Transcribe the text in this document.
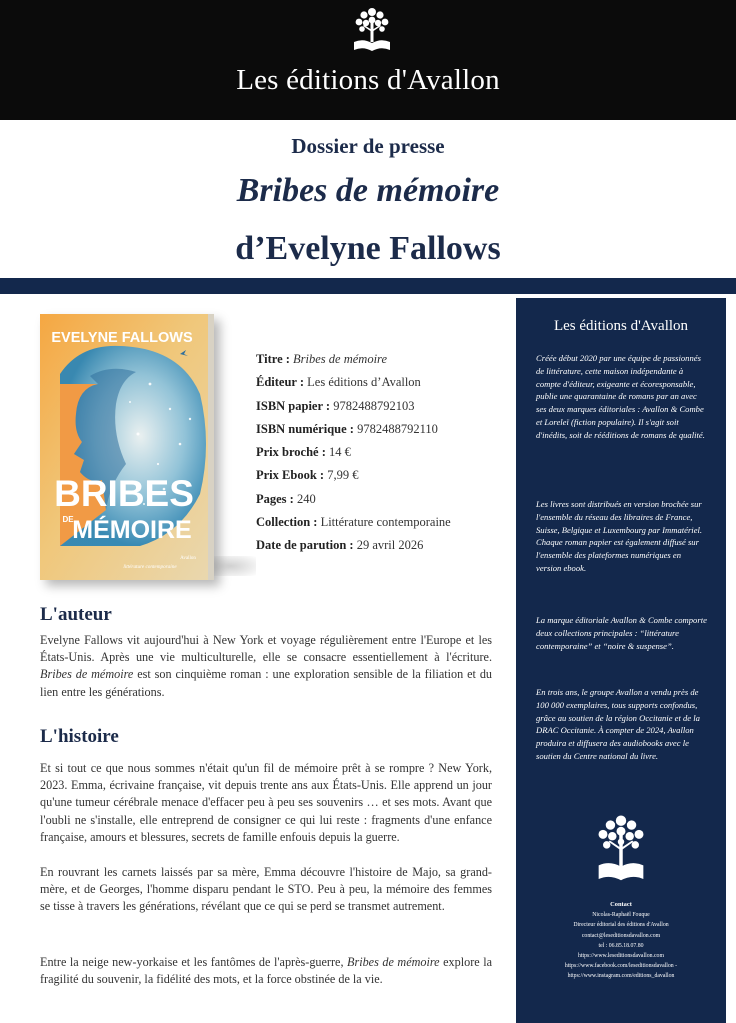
Les éditions d'Avallon
Dossier de presse
Bribes de mémoire
d’Evelyne Fallows
EVELYNE FALLOWS
BRIBES
DE
MÉMOIRE
Avallon
littérature contemporaine
Titre : Bribes de mémoire
Éditeur : Les éditions d’Avallon
ISBN papier : 9782488792103
ISBN numérique : 9782488792110
Prix broché : 14 €
Prix Ebook : 7,99 €
Pages : 240
Collection : Littérature contemporaine
Date de parution : 29 avril 2026
L'auteur
Evelyne Fallows vit aujourd'hui à New York et voyage régulièrement entre l'Europe et les États-Unis. Après une vie multiculturelle, elle se consacre essentiellement à l'écriture. Bribes de mémoire est son cinquième roman : une exploration sensible de la filiation et du lien entre les générations.
L'histoire
Et si tout ce que nous sommes n'était qu'un fil de mémoire prêt à se rompre ? New York, 2023. Emma, écrivaine française, vit depuis trente ans aux États-Unis. Elle apprend un jour qu'une tumeur cérébrale menace d'effacer peu à peu ses souvenirs … et ses mots. Avant que l'oubli ne s'installe, elle entreprend de consigner ce qui lui reste : fragments d'une enfance française, amours et blessures, secrets de famille enfouis depuis la guerre.
En rouvrant les carnets laissés par sa mère, Emma découvre l'histoire de Majo, sa grand-mère, et de Georges, l'homme disparu pendant le STO. Peu à peu, la mémoire des femmes se tisse à travers les générations, révélant que ce qui se perd se transmet autrement.
Entre la neige new-yorkaise et les fantômes de l'après-guerre, Bribes de mémoire explore la fragilité du souvenir, la fidélité des mots, et la force obstinée de la vie.
Les éditions d'Avallon
Créée début 2020 par une équipe de passionnés de littérature, cette maison indépendante à compte d'éditeur, exigeante et écoresponsable, publie une quarantaine de romans par an avec ses deux marques éditoriales : Avallon & Combe et Loreleï (fiction populaire). Il s'agit soit d'inédits, soit de rééditions de romans de qualité.
Les livres sont distribués en version brochée sur l'ensemble du réseau des libraires de France, Suisse, Belgique et Luxembourg par Immatériel. Chaque roman papier est également diffusé sur l'ensemble des plateformes numériques en version ebook.
La marque éditoriale Avallon & Combe comporte deux collections principales : “littérature contemporaine” et “noire & suspense”.
En trois ans, le groupe Avallon a vendu près de 100 000 exemplaires, tous supports confondus, grâce au soutien de la région Occitanie et de la DRAC Occitanie. À compter de 2024, Avallon produira et diffusera des audiobooks avec le soutien du Centre national du livre.
Contact
Nicolas-Raphaël Fouque
Directeur éditorial des éditions d'Avallon
contact@leseditionsdavallon.com
tel : 06.85.18.07.80
https://www.leseditionsdavallon.com
https://www.facebook.com/leseditionsdavallon -
https://www.instagram.com/editions_davallon
